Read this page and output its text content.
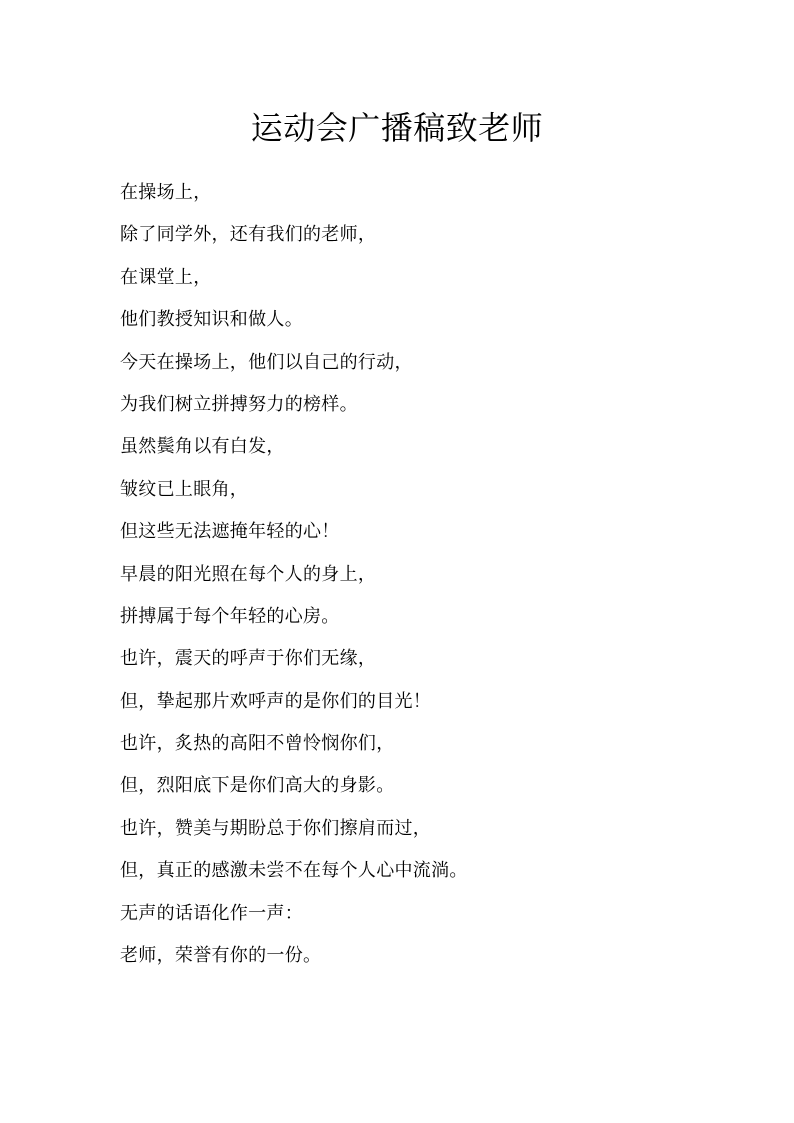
运动会广播稿致老师
在操场上，
除了同学外，还有我们的老师，
在课堂上，
他们教授知识和做人。
今天在操场上，他们以自己的行动，
为我们树立拼搏努力的榜样。
虽然鬓角以有白发，
皱纹已上眼角，
但这些无法遮掩年轻的心！
早晨的阳光照在每个人的身上，
拼搏属于每个年轻的心房。
也许，震天的呼声于你们无缘，
但，挚起那片欢呼声的是你们的目光！
也许，炙热的高阳不曾怜悯你们，
但，烈阳底下是你们高大的身影。
也许，赞美与期盼总于你们擦肩而过，
但，真正的感激未尝不在每个人心中流淌。
无声的话语化作一声：
老师，荣誉有你的一份。
